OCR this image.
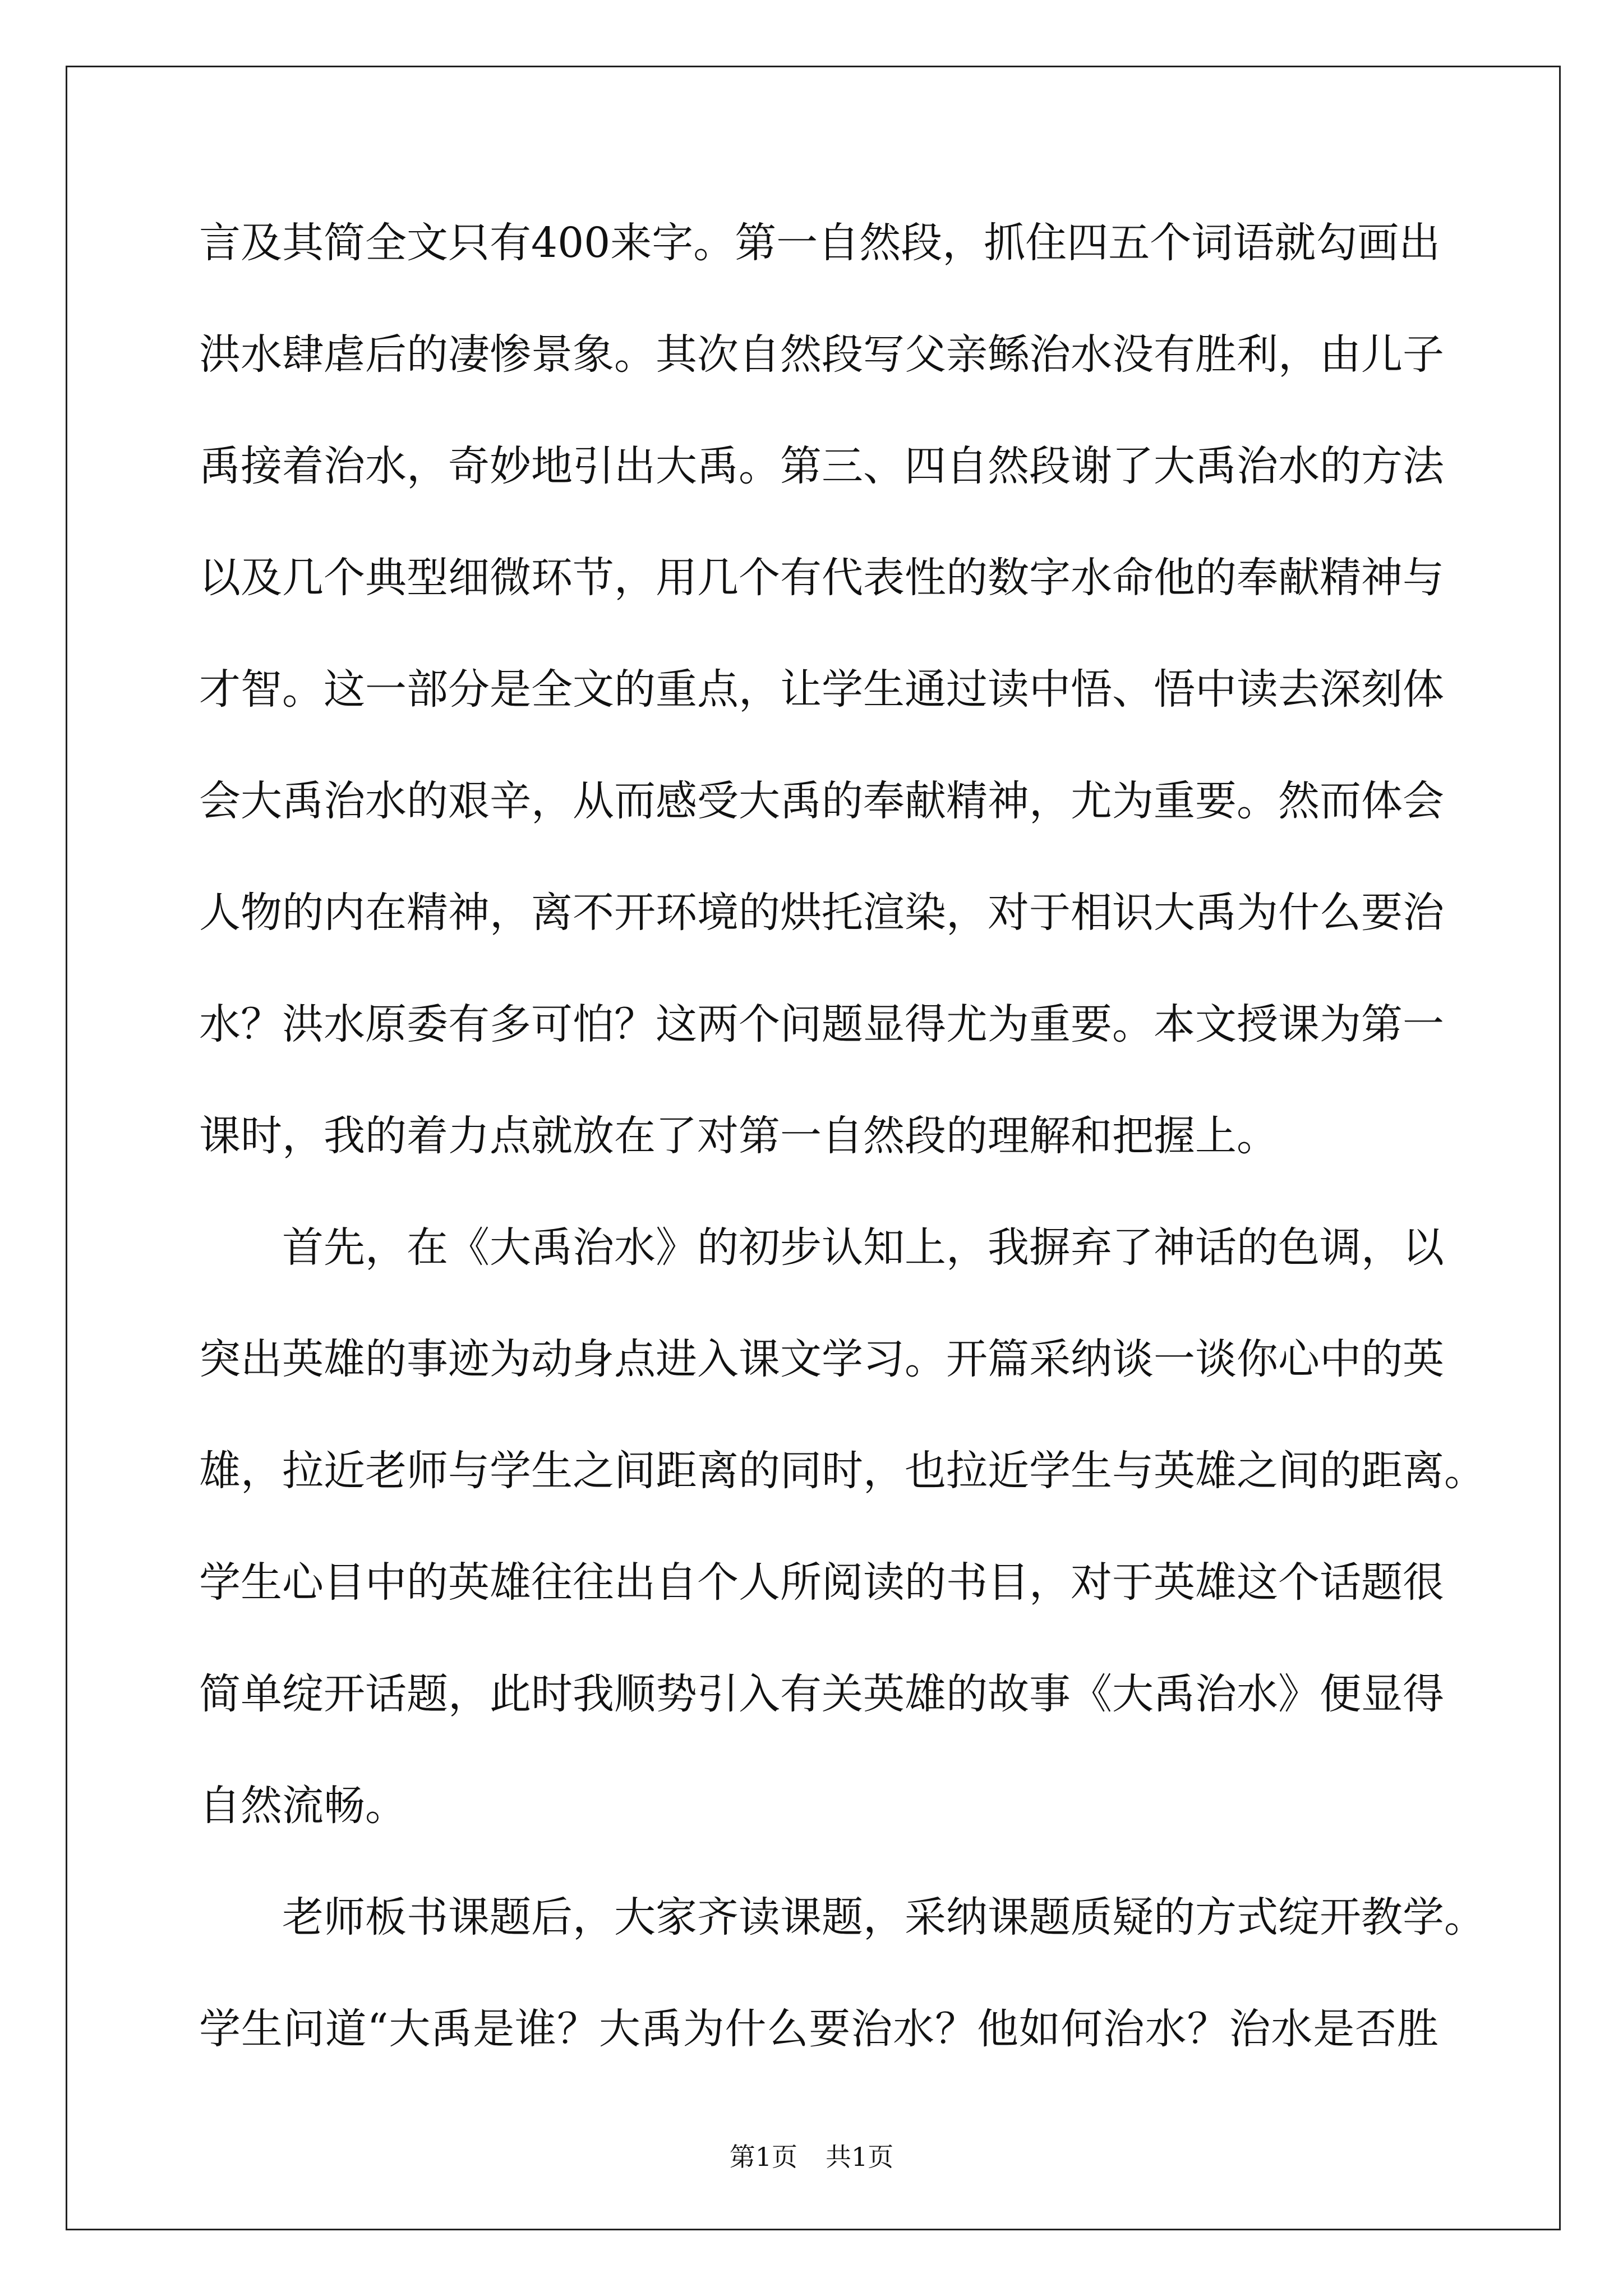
言及其简全文只有400来字。第一自然段，抓住四五个词语就勾画出
洪水肆虐后的凄惨景象。其次自然段写父亲鲧治水没有胜利，由儿子
禹接着治水，奇妙地引出大禹。第三、四自然段谢了大禹治水的方法
以及几个典型细微环节，用几个有代表性的数字水命他的奉献精神与
才智。这一部分是全文的重点，让学生通过读中悟、悟中读去深刻体
会大禹治水的艰辛，从而感受大禹的奉献精神，尤为重要。然而体会
人物的内在精神，离不开环境的烘托渲染，对于相识大禹为什么要治
水？洪水原委有多可怕？这两个问题显得尤为重要。本文授课为第一
课时，我的着力点就放在了对第一自然段的理解和把握上。
　　首先，在《大禹治水》的初步认知上，我摒弃了神话的色调，以
突出英雄的事迹为动身点进入课文学习。开篇采纳谈一谈你心中的英
雄，拉近老师与学生之间距离的同时，也拉近学生与英雄之间的距离。
学生心目中的英雄往往出自个人所阅读的书目，对于英雄这个话题很
简单绽开话题，此时我顺势引入有关英雄的故事《大禹治水》便显得
自然流畅。
　　老师板书课题后，大家齐读课题，采纳课题质疑的方式绽开教学。
学生问道“大禹是谁？大禹为什么要治水？他如何治水？治水是否胜
第1页 共1页
